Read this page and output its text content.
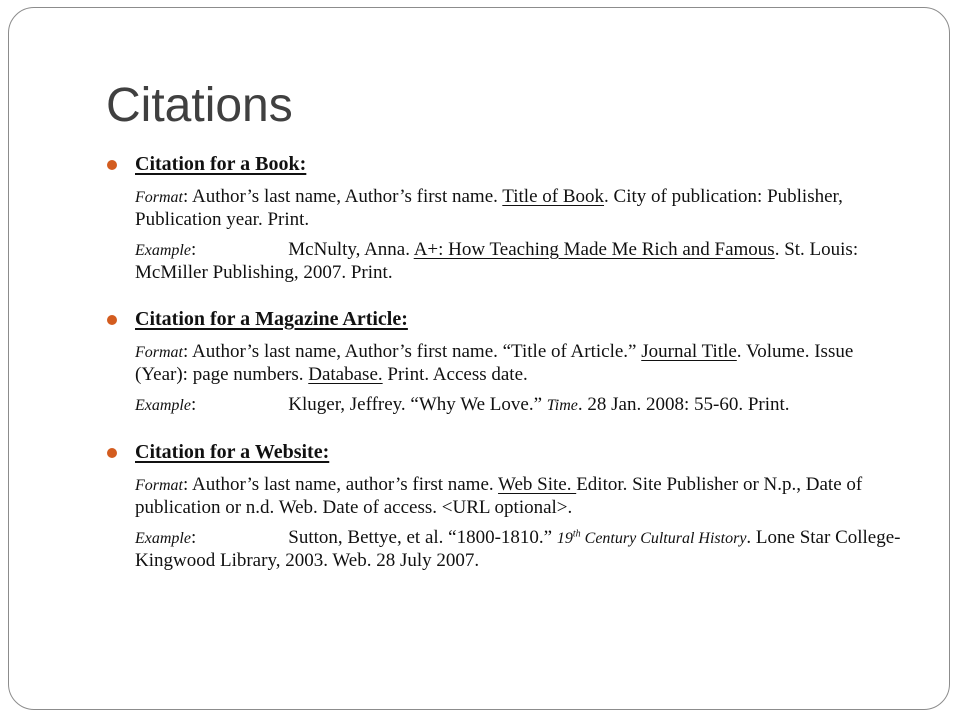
Citations
Citation for a Book:
Format: Author’s last name, Author’s first name. Title of Book. City of publication: Publisher, Publication year. Print.
Example:	McNulty, Anna. A+: How Teaching Made Me Rich and Famous. St. Louis: McMiller Publishing, 2007. Print.
Citation for a Magazine Article:
Format: Author’s last name, Author’s first name. “Title of Article.” Journal Title. Volume. Issue (Year): page numbers. Database. Print. Access date.
Example:	Kluger, Jeffrey. “Why We Love.” Time. 28 Jan. 2008: 55-60. Print.
Citation for a Website:
Format: Author’s last name, author’s first name. Web Site. Editor. Site Publisher or N.p., Date of publication or n.d. Web. Date of access. <URL optional>.
Example:	Sutton, Bettye, et al. “1800-1810.” 19th Century Cultural History. Lone Star College-Kingwood Library, 2003. Web. 28 July 2007.
